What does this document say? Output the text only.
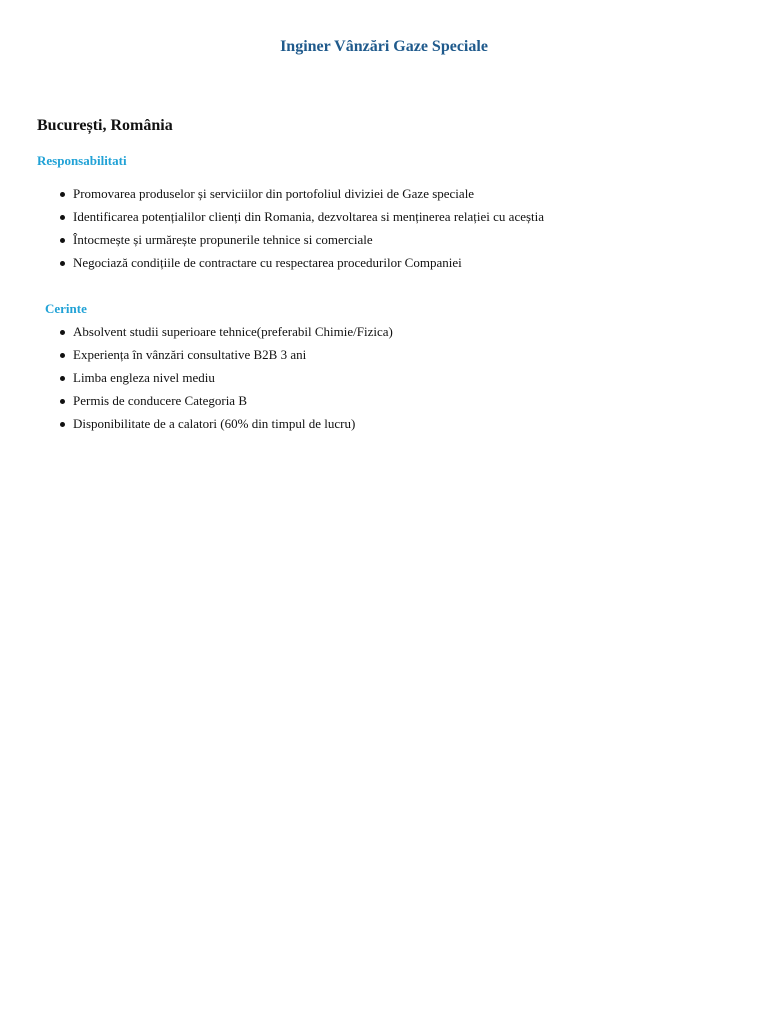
Inginer Vânzări Gaze Speciale
București, România
Responsabilitati
Promovarea produselor și serviciilor din portofoliul diviziei de Gaze speciale
Identificarea potențialilor clienți din Romania, dezvoltarea si menținerea relației cu aceștia
Întocmește și urmărește propunerile tehnice si comerciale
Negociază condițiile de contractare cu respectarea procedurilor Companiei
Cerinte
Absolvent studii superioare tehnice(preferabil Chimie/Fizica)
Experiența în vânzări consultative B2B 3 ani
Limba engleza nivel mediu
Permis de conducere Categoria B
Disponibilitate de a calatori (60% din timpul de lucru)
